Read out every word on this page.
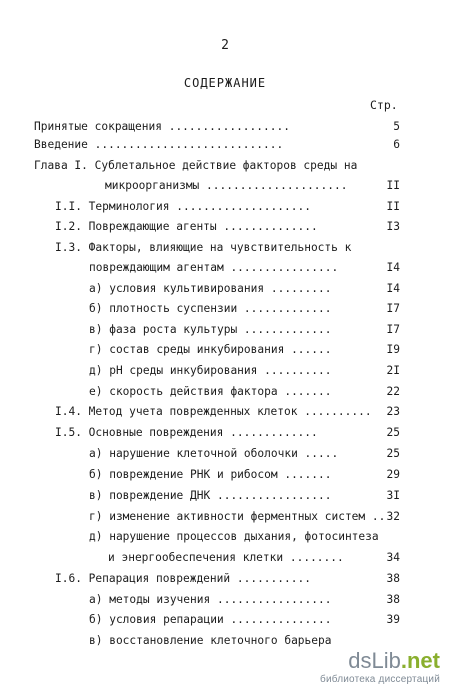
2
СОДЕРЖАНИЕ
Стр.
Принятые сокращения ..................	5
Введение ............................	6
Глава I. Сублетальное действие факторов среды на
микроорганизмы .....................	II
I.I. Терминология ....................	II
I.2. Повреждающие агенты ..............	I3
I.3. Факторы, влияющие на чувствительность к
повреждающим агентам ................	I4
а) условия культивирования .........	I4
б) плотность суспензии .............	I7
в) фаза роста культуры .............	I7
г) состав среды инкубирования ......	I9
д) pH среды инкубирования ..........	2I
е) скорость действия фактора .......	22
I.4. Метод учета поврежденных клеток .......... 23
I.5. Основные повреждения .............	25
а) нарушение клеточной оболочки .....	25
б) повреждение РНК и рибосом .......	29
в) повреждение ДНК .................	3I
г) изменение активности ферментных систем .. 32
д) нарушение процессов дыхания, фотосинтеза
и энергообеспечения клетки ........	34
I.6. Репарация повреждений ...........	38
а) методы изучения .................	38
б) условия репарации ...............	39
в) восстановление клеточного барьера
dsLib.net
библиотека диссертаций
